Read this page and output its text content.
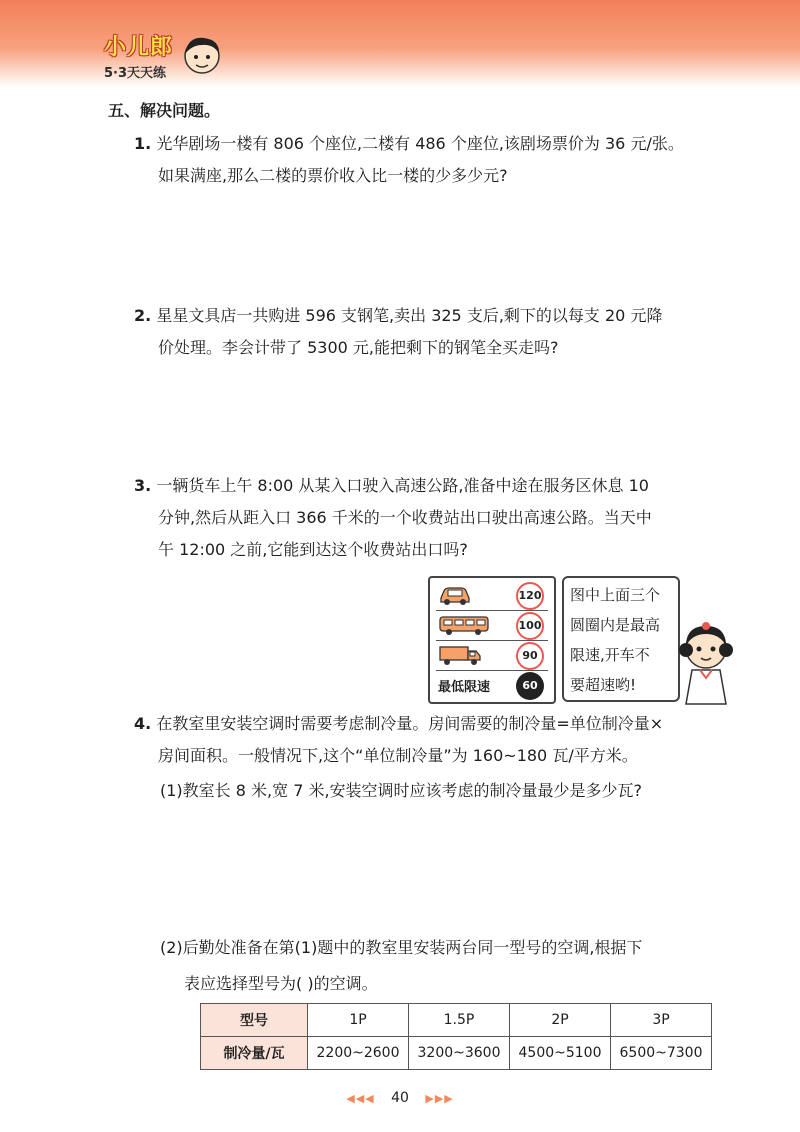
小儿郎
5·3天天练
五、解决问题。
1. 光华剧场一楼有 806 个座位,二楼有 486 个座位,该剧场票价为 36 元/张。
如果满座,那么二楼的票价收入比一楼的少多少元?
2. 星星文具店一共购进 596 支钢笔,卖出 325 支后,剩下的以每支 20 元降
价处理。李会计带了 5300 元,能把剩下的钢笔全买走吗?
3. 一辆货车上午 8:00 从某入口驶入高速公路,准备中途在服务区休息 10
分钟,然后从距入口 366 千米的一个收费站出口驶出高速公路。当天中
午 12:00 之前,它能到达这个收费站出口吗?
120
100
90
最低限速	60
图中上面三个
圆圈内是最高
限速,开车不
要超速哟!
4. 在教室里安装空调时需要考虑制冷量。房间需要的制冷量=单位制冷量×
房间面积。一般情况下,这个“单位制冷量”为 160~180 瓦/平方米。
(1)教室长 8 米,宽 7 米,安装空调时应该考虑的制冷量最少是多少瓦?
(2)后勤处准备在第(1)题中的教室里安装两台同一型号的空调,根据下
表应选择型号为( )的空调。
型号	1P	1.5P	2P	3P
制冷量/瓦	2200~2600	3200~3600	4500~5100	6500~7300
◀◀◀ 40 ▶▶▶
